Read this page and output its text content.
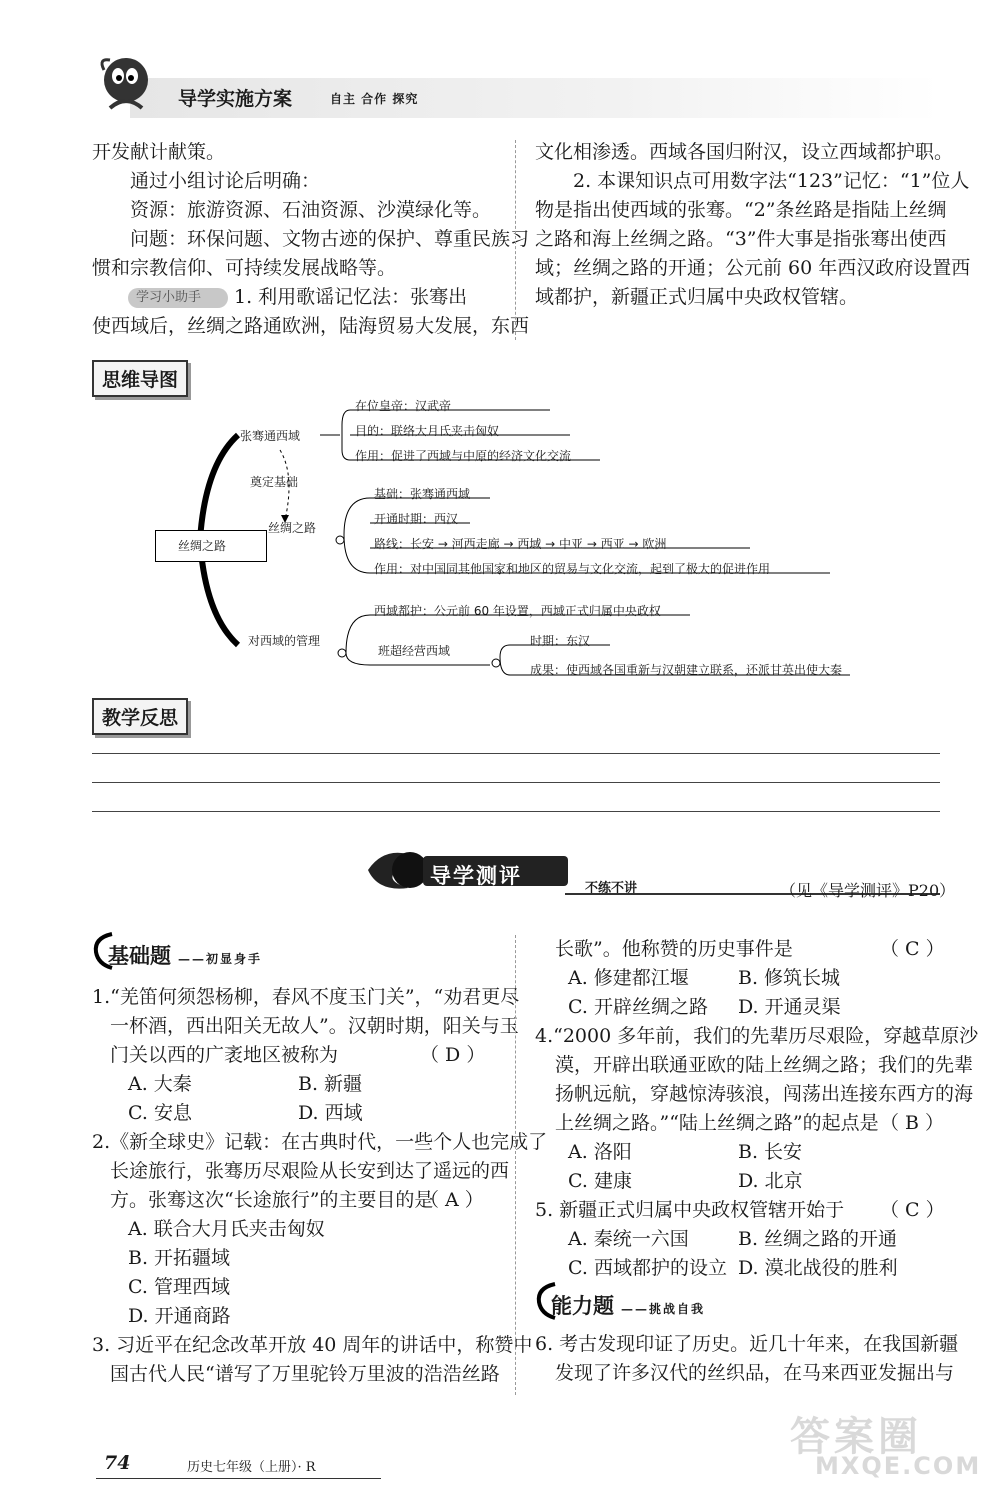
导学实施方案	自主 合作 探究

开发献计献策。

通过小组讨论后明确：

资源：旅游资源、石油资源、沙漠绿化等。

问题：环保问题、文物古迹的保护、尊重民族习

惯和宗教信仰、可持续发展战略等。

学习小助手 1. 利用歌谣记忆法：张骞出

使西域后，丝绸之路通欧洲，陆海贸易大发展，东西

文化相渗透。西域各国归附汉，设立西域都护职。

2. 本课知识点可用数字法“123”记忆：“1”位人

物是指出使西域的张骞。“2”条丝路是指陆上丝绸

之路和海上丝绸之路。“3”件大事是指张骞出使西

域；丝绸之路的开通；公元前 60 年西汉政府设置西

域都护，新疆正式归属中央政权管辖。

思维导图
丝绸之路
张骞通西域
在位皇帝：汉武帝
目的：联络大月氏夹击匈奴
作用：促进了西域与中原的经济文化交流
奠定基础
丝绸之路
基础：张骞通西域
开通时期：西汉
路线：长安 → 河西走廊 → 西域 → 中亚 → 西亚 → 欧洲
作用：对中国同其他国家和地区的贸易与文化交流，起到了极大的促进作用
对西域的管理
西域都护：公元前 60 年设置，西域正式归属中央政权
班超经营西域
时期：东汉
成果：使西域各国重新与汉朝建立联系，还派甘英出使大秦
教学反思
导学测评
不练不讲	（见《导学测评》P20）
基础题 ——初显身手
1.“羌笛何须怨杨柳，春风不度玉门关”，“劝君更尽
一杯酒，西出阳关无故人”。汉朝时期，阳关与玉
门关以西的广袤地区被称为	（ D ）
A. 大秦	B. 新疆
C. 安息	D. 西域
2.《新全球史》记载：在古典时代，一些个人也完成了
长途旅行，张骞历尽艰险从长安到达了遥远的西
方。张骞这次“长途旅行”的主要目的是
（ A ）
A. 联合大月氏夹击匈奴
B. 开拓疆域
C. 管理西域
D. 开通商路
3. 习近平在纪念改革开放 40 周年的讲话中，称赞中
国古代人民“谱写了万里驼铃万里波的浩浩丝路
长歌”。他称赞的历史事件是	（ C ）
A. 修建都江堰	B. 修筑长城
C. 开辟丝绸之路 D. 开通灵渠
4.“2000 多年前，我们的先辈历尽艰险，穿越草原沙
漠，开辟出联通亚欧的陆上丝绸之路；我们的先辈
扬帆远航，穿越惊涛骇浪，闯荡出连接东西方的海
上丝绸之路。”“陆上丝绸之路”的起点是 （ B ）
A. 洛阳	B. 长安
C. 建康	D. 北京
5. 新疆正式归属中央政权管辖开始于 （ C ）
A. 秦统一六国	B. 丝绸之路的开通
C. 西域都护的设立 D. 漠北战役的胜利
能力题 ——挑战自我
6. 考古发现印证了历史。近几十年来，在我国新疆
发现了许多汉代的丝织品，在马来西亚发掘出与
74	历史七年级（上册）· R
答案圈
MXQE.COM
